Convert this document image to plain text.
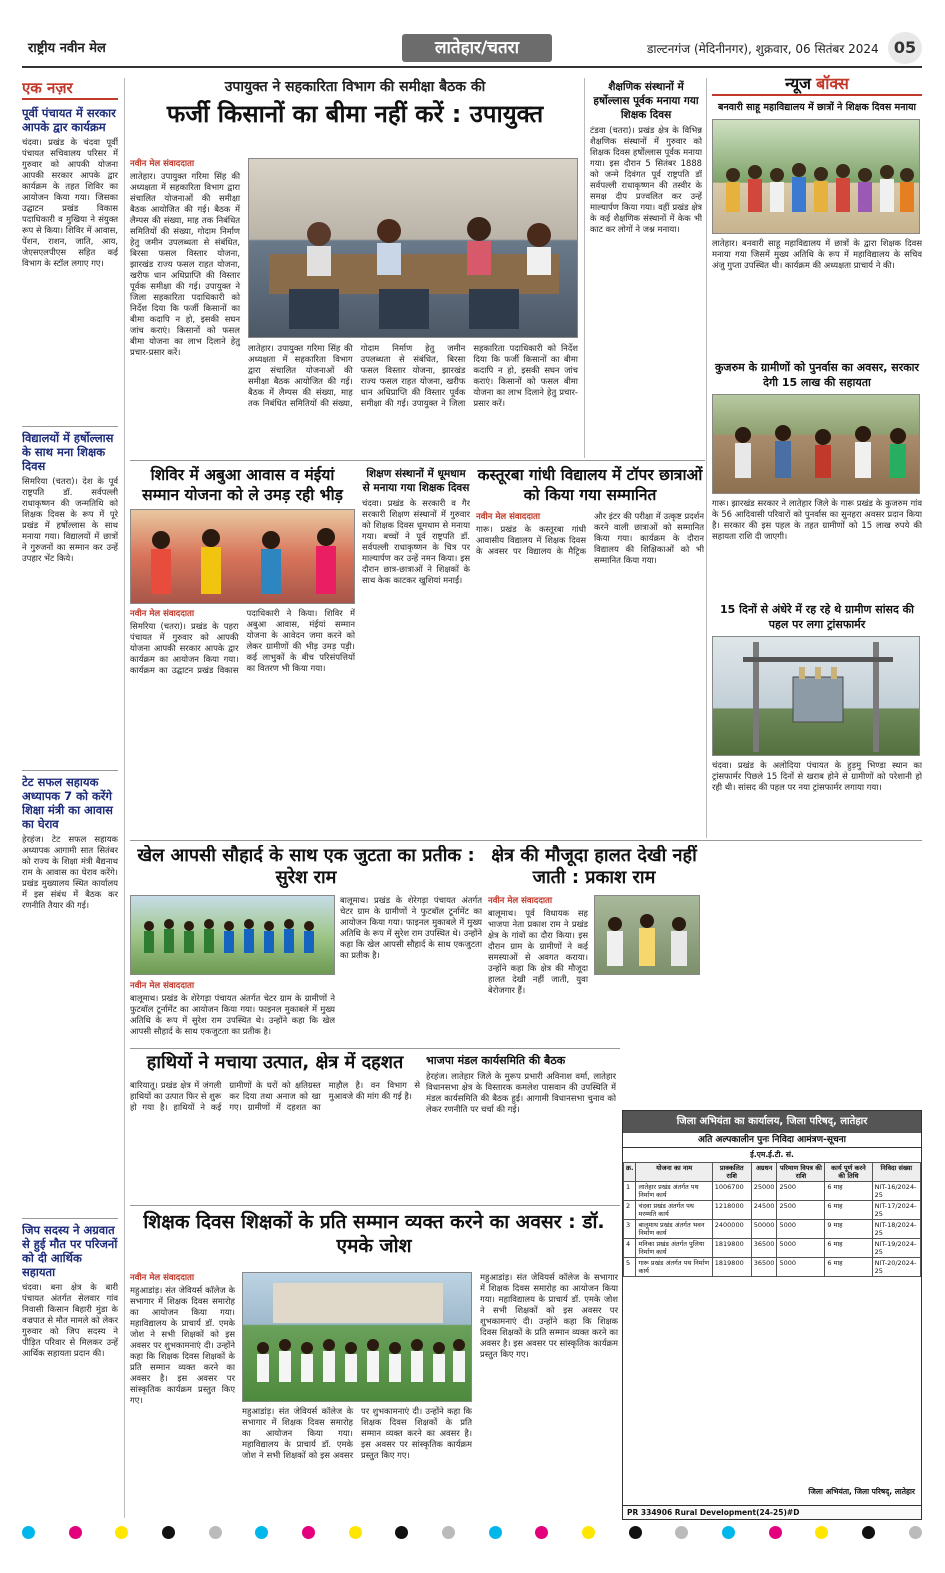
राष्ट्रीय नवीन मेल	लातेहार/चतरा	डाल्टनगंज (मेदिनीनगर), शुक्रवार, 06 सितंबर 2024 05
एक नज़र
पूर्वी पंचायत में सरकार आपके द्वार कार्यक्रम

चंदवा। प्रखंड के चंदवा पूर्वी पंचायत सचिवालय परिसर में गुरुवार को आपकी योजना आपकी सरकार आपके द्वार कार्यक्रम के तहत शिविर का आयोजन किया गया। जिसका उद्घाटन प्रखंड विकास पदाधिकारी व मुखिया ने संयुक्त रूप से किया। शिविर में आवास, पेंशन, राशन, जाति, आय, जेएसएलपीएस सहित कई विभाग के स्टॉल लगाए गए।

विद्यालयों में हर्षोल्लास के साथ मना शिक्षक दिवस

सिमरिया (चतरा)। देश के पूर्व राष्ट्रपति डॉ. सर्वपल्ली राधाकृष्णन की जन्मतिथि को शिक्षक दिवस के रूप में पूरे प्रखंड में हर्षोल्लास के साथ मनाया गया। विद्यालयों में छात्रों ने गुरुजनों का सम्मान कर उन्हें उपहार भेंट किये।

टेट सफल सहायक अध्यापक 7 को करेंगे शिक्षा मंत्री का आवास का घेराव

हेरहंज। टेट सफल सहायक अध्यापक आगामी सात सितंबर को राज्य के शिक्षा मंत्री बैद्यनाथ राम के आवास का घेराव करेंगे। प्रखंड मुख्यालय स्थित कार्यालय में इस संबंध में बैठक कर रणनीति तैयार की गई।

जिप सदस्य ने अग्रवात से हुई मौत पर परिजनों को दी आर्थिक सहायता

चंदवा। बना क्षेत्र के बारी पंचायत अंतर्गत सेलवार गांव निवासी किसान बिहारी मुंडा के वज्रपात से मौत मामले को लेकर गुरुवार को जिप सदस्य ने पीड़ित परिवार से मिलकर उन्हें आर्थिक सहायता प्रदान की।

उपायुक्त ने सहकारिता विभाग की समीक्षा बैठक की
फर्जी किसानों का बीमा नहीं करें : उपायुक्त
नवीन मेल संवाददाता

लातेहार। उपायुक्त गरिमा सिंह की अध्यक्षता में सहकारिता विभाग द्वारा संचालित योजनाओं की समीक्षा बैठक आयोजित की गई। बैठक में लैम्पस की संख्या, माह तक निबंधित समितियों की संख्या, गोदाम निर्माण हेतु जमीन उपलब्धता से संबंधित, बिरसा फसल विस्तार योजना, झारखंड राज्य फसल राहत योजना, खरीफ धान अधिप्राप्ति की विस्तार पूर्वक समीक्षा की गई। उपायुक्त ने जिला सहकारिता पदाधिकारी को निर्देश दिया कि फर्जी किसानों का बीमा कदापि न हो, इसकी सघन जांच कराएं। किसानों को फसल बीमा योजना का लाभ दिलाने हेतु प्रचार-प्रसार करें।	लातेहार। उपायुक्त गरिमा सिंह की अध्यक्षता में सहकारिता विभाग द्वारा संचालित योजनाओं की समीक्षा बैठक आयोजित की गई। बैठक में लैम्पस की संख्या, माह तक निबंधित समितियों की संख्या, गोदाम निर्माण हेतु जमीन उपलब्धता से संबंधित, बिरसा फसल विस्तार योजना, झारखंड राज्य फसल राहत योजना, खरीफ धान अधिप्राप्ति की विस्तार पूर्वक समीक्षा की गई। उपायुक्त ने जिला सहकारिता पदाधिकारी को निर्देश दिया कि फर्जी किसानों का बीमा कदापि न हो, इसकी सघन जांच कराएं। किसानों को फसल बीमा योजना का लाभ दिलाने हेतु प्रचार-प्रसार करें।

शैक्षणिक संस्थानों में हर्षोल्लास पूर्वक मनाया गया शिक्षक दिवस

टंडवा (चतरा)। प्रखंड क्षेत्र के विभिन्न शैक्षणिक संस्थानों में गुरुवार को शिक्षक दिवस हर्षोल्लास पूर्वक मनाया गया। इस दौरान 5 सितंबर 1888 को जन्मे दिवंगत पूर्व राष्ट्रपति डॉ सर्वपल्ली राधाकृष्णन की तस्वीर के समक्ष दीप प्रज्वलित कर उन्हें माल्यार्पण किया गया। वहीं प्रखंड क्षेत्र के कई शैक्षणिक संस्थानों में केक भी काट कर लोगों ने जश्न मनाया।

न्यूज बॉक्स
बनवारी साहू महाविद्यालय में छात्रों ने शिक्षक दिवस मनाया

लातेहार। बनवारी साहू महाविद्यालय में छात्रों के द्वारा शिक्षक दिवस मनाया गया जिसमें मुख्य अतिथि के रूप में महाविद्यालय के सचिव अंजु गुप्ता उपस्थित थी। कार्यक्रम की अध्यक्षता प्राचार्य ने की।

कुजरुम के ग्रामीणों को पुनर्वास का अवसर, सरकार देगी 15 लाख की सहायता

गारू। झारखंड सरकार ने लातेहार जिले के गारू प्रखंड के कुजरुम गांव के 56 आदिवासी परिवारों को पुनर्वास का सुनहरा अवसर प्रदान किया है। सरकार की इस पहल के तहत ग्रामीणों को 15 लाख रुपये की सहायता राशि दी जाएगी।

15 दिनों से अंधेरे में रह रहे थे ग्रामीण सांसद की पहल पर लगा ट्रांसफार्मर

चंदवा। प्रखंड के अलोदिया पंचायत के हुड़मु भिण्डा स्थान का ट्रांसफार्मर पिछले 15 दिनों से खराब होने से ग्रामीणों को परेशानी हो रही थी। सांसद की पहल पर नया ट्रांसफार्मर लगाया गया।

शिविर में अबुआ आवास व मंईयां सम्मान योजना को ले उमड़ रही भीड़
नवीन मेल संवाददाता

सिमरिया (चतरा)। प्रखंड के पहरा पंचायत में गुरुवार को आपकी योजना आपकी सरकार आपके द्वार कार्यक्रम का आयोजन किया गया। कार्यक्रम का उद्घाटन प्रखंड विकास पदाधिकारी ने किया। शिविर में अबुआ आवास, मंईयां सम्मान योजना के आवेदन जमा करने को लेकर ग्रामीणों की भीड़ उमड़ पड़ी। कई लाभुकों के बीच परिसंपत्तियों का वितरण भी किया गया।

शिक्षण संस्थानों में धूमधाम से मनाया गया शिक्षक दिवस

चंदवा। प्रखंड के सरकारी व गैर सरकारी शिक्षण संस्थानों में गुरुवार को शिक्षक दिवस धूमधाम से मनाया गया। बच्चों ने पूर्व राष्ट्रपति डॉ. सर्वपल्ली राधाकृष्णन के चित्र पर माल्यार्पण कर उन्हें नमन किया। इस दौरान छात्र-छात्राओं ने शिक्षकों के साथ केक काटकर खुशियां मनाईं।

कस्तूरबा गांधी विद्यालय में टॉपर छात्राओं को किया गया सम्मानित
नवीन मेल संवाददाता

गारू। प्रखंड के कस्तूरबा गांधी आवासीय विद्यालय में शिक्षक दिवस के अवसर पर विद्यालय के मैट्रिक और इंटर की परीक्षा में उत्कृष्ट प्रदर्शन करने वाली छात्राओं को सम्मानित किया गया। कार्यक्रम के दौरान विद्यालय की शिक्षिकाओं को भी सम्मानित किया गया।

खेल आपसी सौहार्द के साथ एक जुटता का प्रतीक : सुरेश राम

बालूमाथ। प्रखंड के शेरेगड़ा पंचायत अंतर्गत चेटर ग्राम के ग्रामीणों ने फुटबॉल टूर्नामेंट का आयोजन किया गया। फाइनल मुकाबले में मुख्य अतिथि के रूप में सुरेश राम उपस्थित थे। उन्होंने कहा कि खेल आपसी सौहार्द के साथ एकजुटता का प्रतीक है।

नवीन मेल संवाददाता

बालूमाथ। प्रखंड के शेरेगड़ा पंचायत अंतर्गत चेटर ग्राम के ग्रामीणों ने फुटबॉल टूर्नामेंट का आयोजन किया गया। फाइनल मुकाबले में मुख्य अतिथि के रूप में सुरेश राम उपस्थित थे। उन्होंने कहा कि खेल आपसी सौहार्द के साथ एकजुटता का प्रतीक है।

क्षेत्र की मौजूदा हालत देखी नहीं जाती : प्रकाश राम
नवीन मेल संवाददाता

बालूमाथ। पूर्व विधायक सह भाजपा नेता प्रकाश राम ने प्रखंड क्षेत्र के गांवों का दौरा किया। इस दौरान ग्राम के ग्रामीणों ने कई समस्याओं से अवगत कराया। उन्होंने कहा कि क्षेत्र की मौजूदा हालत देखी नहीं जाती, युवा बेरोजगार हैं।

हाथियों ने मचाया उत्पात, क्षेत्र में दहशत

बारियातू। प्रखंड क्षेत्र में जंगली हाथियों का उत्पात फिर से शुरू हो गया है। हाथियों ने कई ग्रामीणों के घरों को क्षतिग्रस्त कर दिया तथा अनाज को खा गए। ग्रामीणों में दहशत का माहौल है। वन विभाग से मुआवजे की मांग की गई है।

भाजपा मंडल कार्यसमिति की बैठक

हेरहंज। लातेहार जिले के मुरूप प्रभारी अविनाश वर्मा, लातेहार विधानसभा क्षेत्र के विस्तारक कमलेश पासवान की उपस्थिति में मंडल कार्यसमिति की बैठक हुई। आगामी विधानसभा चुनाव को लेकर रणनीति पर चर्चा की गई।

शिक्षक दिवस शिक्षकों के प्रति सम्मान व्यक्त करने का अवसर : डॉ. एमके जोश
नवीन मेल संवाददाता

महुआडांड़। संत जेवियर्स कॉलेज के सभागार में शिक्षक दिवस समारोह का आयोजन किया गया। महाविद्यालय के प्राचार्य डॉ. एमके जोश ने सभी शिक्षकों को इस अवसर पर शुभकामनाएं दी। उन्होंने कहा कि शिक्षक दिवस शिक्षकों के प्रति सम्मान व्यक्त करने का अवसर है। इस अवसर पर सांस्कृतिक कार्यक्रम प्रस्तुत किए गए।

महुआडांड़। संत जेवियर्स कॉलेज के सभागार में शिक्षक दिवस समारोह का आयोजन किया गया। महाविद्यालय के प्राचार्य डॉ. एमके जोश ने सभी शिक्षकों को इस अवसर पर शुभकामनाएं दी। उन्होंने कहा कि शिक्षक दिवस शिक्षकों के प्रति सम्मान व्यक्त करने का अवसर है। इस अवसर पर सांस्कृतिक कार्यक्रम प्रस्तुत किए गए।

महुआडांड़। संत जेवियर्स कॉलेज के सभागार में शिक्षक दिवस समारोह का आयोजन किया गया। महाविद्यालय के प्राचार्य डॉ. एमके जोश ने सभी शिक्षकों को इस अवसर पर शुभकामनाएं दी। उन्होंने कहा कि शिक्षक दिवस शिक्षकों के प्रति सम्मान व्यक्त करने का अवसर है। इस अवसर पर सांस्कृतिक कार्यक्रम प्रस्तुत किए गए।

जिला अभियंता का कार्यालय, जिला परिषद्, लातेहार
अति अल्पकालीन पुनः निविदा आमंत्रण-सूचना
ई.एम.ई.टी. सं.
क्र.	योजना का नाम	प्राक्कलित राशि	अग्रधन	परिमाण विपत्र की राशि	कार्य पूर्ण करने की तिथि	निविदा संख्या
1	लातेहार प्रखंड अंतर्गत पथ निर्माण कार्य	1006700	25000	2500	6 माह	NIT-16/2024-25
2	चंदवा प्रखंड अंतर्गत पथ मरम्मति कार्य	1218000	24500	2500	6 माह	NIT-17/2024-25
3	बालूमाथ प्रखंड अंतर्गत भवन निर्माण कार्य	2400000	50000	5000	9 माह	NIT-18/2024-25
4	मनिका प्रखंड अंतर्गत पुलिया निर्माण कार्य	1819800	36500	5000	6 माह	NIT-19/2024-25
5	गारू प्रखंड अंतर्गत पथ निर्माण कार्य	1819800	36500	5000	6 माह	NIT-20/2024-25
जिला अभियंता, जिला परिषद्, लातेहार
PR 334906 Rural Development(24-25)#D
